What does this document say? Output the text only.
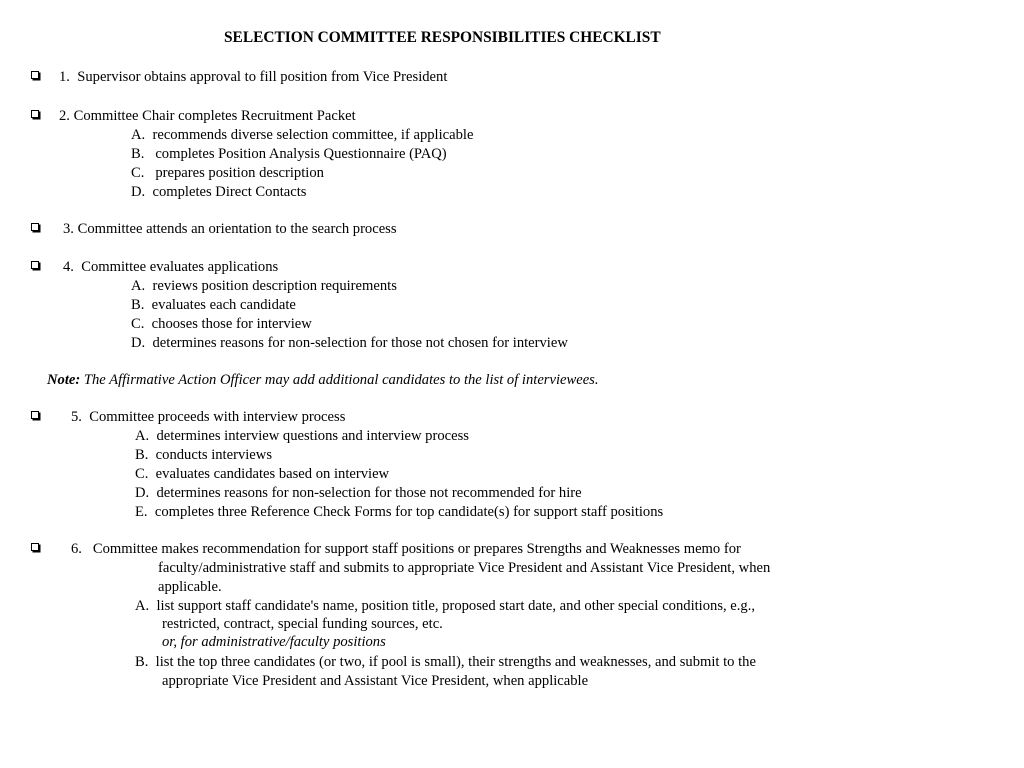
SELECTION COMMITTEE RESPONSIBILITIES CHECKLIST
1.  Supervisor obtains approval to fill position from Vice President
2. Committee Chair completes Recruitment Packet
A.  recommends diverse selection committee, if applicable
B.   completes Position Analysis Questionnaire (PAQ)
C.   prepares position description
D.  completes Direct Contacts
3. Committee attends an orientation to the search process
4.  Committee evaluates applications
A.  reviews position description requirements
B.  evaluates each candidate
C.  chooses those for interview
D.  determines reasons for non-selection for those not chosen for interview
Note: The Affirmative Action Officer may add additional candidates to the list of interviewees.
5.  Committee proceeds with interview process
A.  determines interview questions and interview process
B.  conducts interviews
C.  evaluates candidates based on interview
D.  determines reasons for non-selection for those not recommended for hire
E.  completes three Reference Check Forms for top candidate(s) for support staff positions
6.   Committee makes recommendation for support staff positions or prepares Strengths and Weaknesses memo for
faculty/administrative staff and submits to appropriate Vice President and Assistant Vice President, when
applicable.
A.  list support staff candidate's name, position title, proposed start date, and other special conditions, e.g.,
restricted, contract, special funding sources, etc.
or, for administrative/faculty positions
B.  list the top three candidates (or two, if pool is small), their strengths and weaknesses, and submit to the
appropriate Vice President and Assistant Vice President, when applicable
